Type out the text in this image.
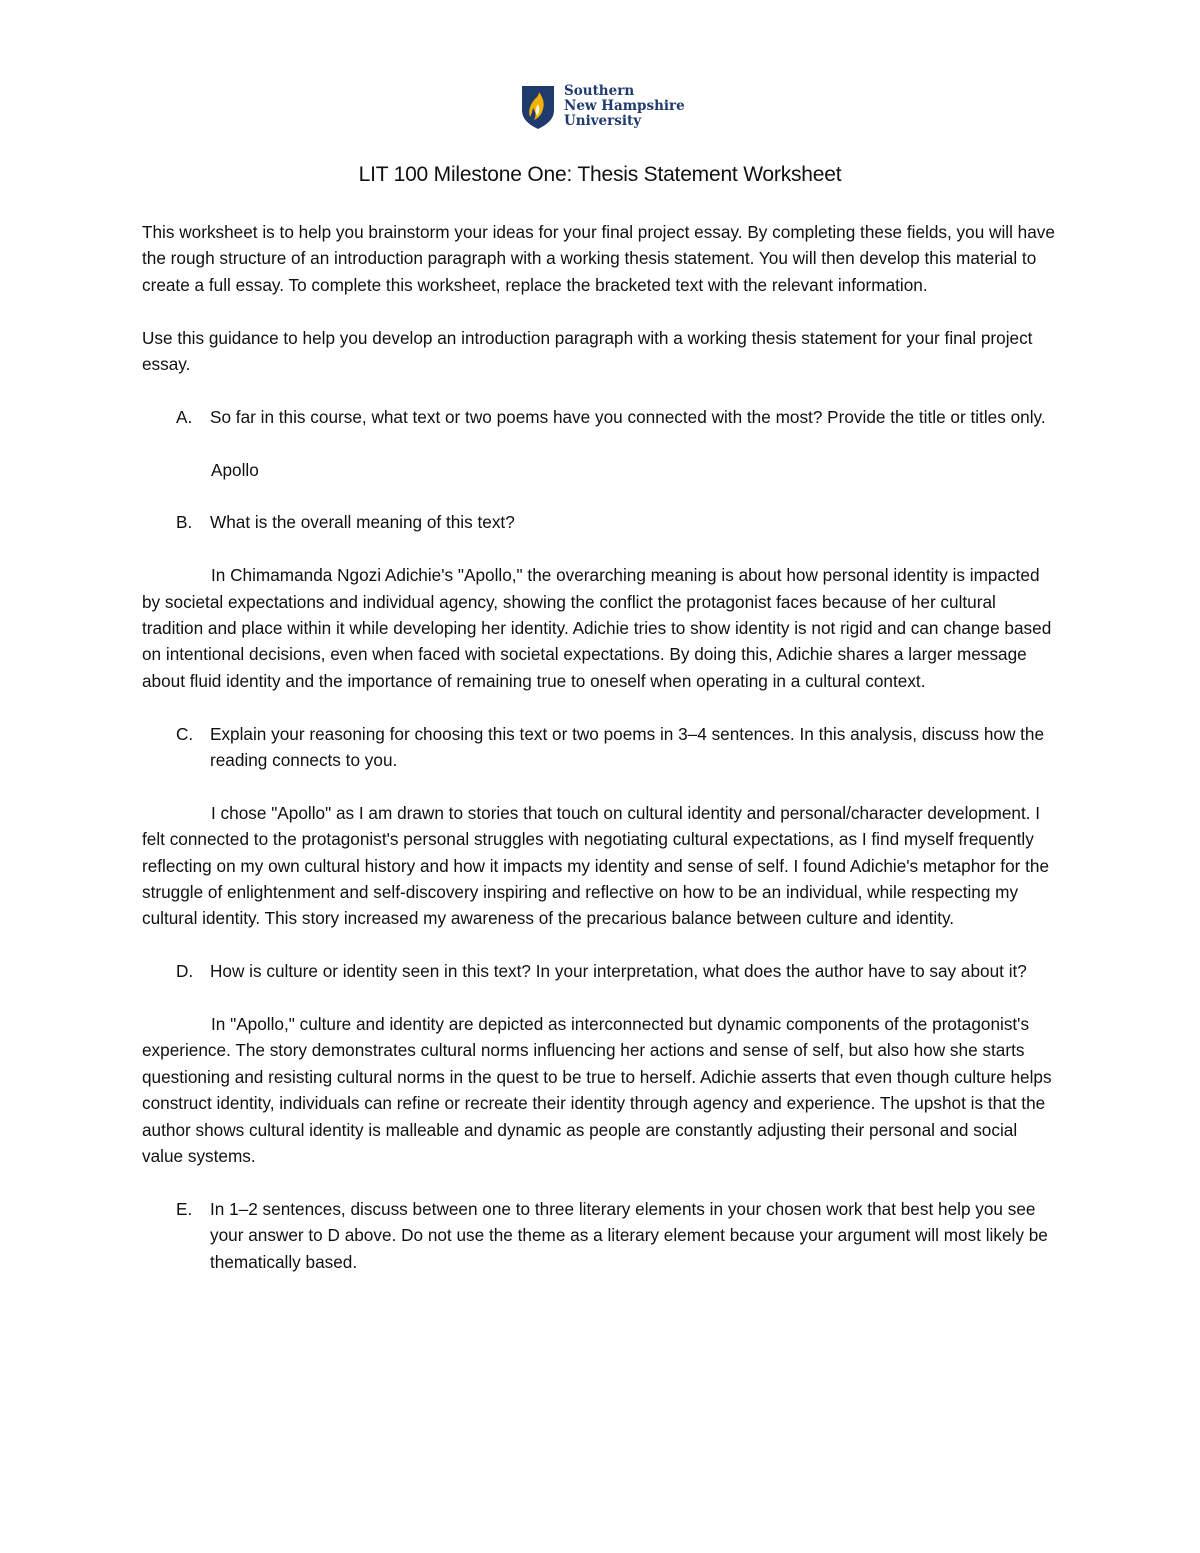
Southern
New Hampshire
University
LIT 100 Milestone One: Thesis Statement Worksheet

This worksheet is to help you brainstorm your ideas for your final project essay. By completing these fields, you will have the rough structure of an introduction paragraph with a working thesis statement. You will then develop this material to create a full essay. To complete this worksheet, replace the bracketed text with the relevant information.

Use this guidance to help you develop an introduction paragraph with a working thesis statement for your final project essay.

A.	So far in this course, what text or two poems have you connected with the most? Provide the title or titles only.

Apollo

B.	What is the overall meaning of this text?

In Chimamanda Ngozi Adichie's "Apollo," the overarching meaning is about how personal identity is impacted by societal expectations and individual agency, showing the conflict the protagonist faces because of her cultural tradition and place within it while developing her identity. Adichie tries to show identity is not rigid and can change based on intentional decisions, even when faced with societal expectations. By doing this, Adichie shares a larger message about fluid identity and the importance of remaining true to oneself when operating in a cultural context.

C. Explain your reasoning for choosing this text or two poems in 3–4 sentences. In this analysis, discuss how the reading connects to you.

I chose "Apollo" as I am drawn to stories that touch on cultural identity and personal/character development. I felt connected to the protagonist's personal struggles with negotiating cultural expectations, as I find myself frequently reflecting on my own cultural history and how it impacts my identity and sense of self. I found Adichie's metaphor for the struggle of enlightenment and self-discovery inspiring and reflective on how to be an individual, while respecting my cultural identity. This story increased my awareness of the precarious balance between culture and identity.

D. How is culture or identity seen in this text? In your interpretation, what does the author have to say about it?

In "Apollo," culture and identity are depicted as interconnected but dynamic components of the protagonist's experience. The story demonstrates cultural norms influencing her actions and sense of self, but also how she starts questioning and resisting cultural norms in the quest to be true to herself. Adichie asserts that even though culture helps construct identity, individuals can refine or recreate their identity through agency and experience. The upshot is that the author shows cultural identity is malleable and dynamic as people are constantly adjusting their personal and social value systems.

E.	In 1–2 sentences, discuss between one to three literary elements in your chosen work that best help you see your answer to D above. Do not use the theme as a literary element because your argument will most likely be thematically based.
